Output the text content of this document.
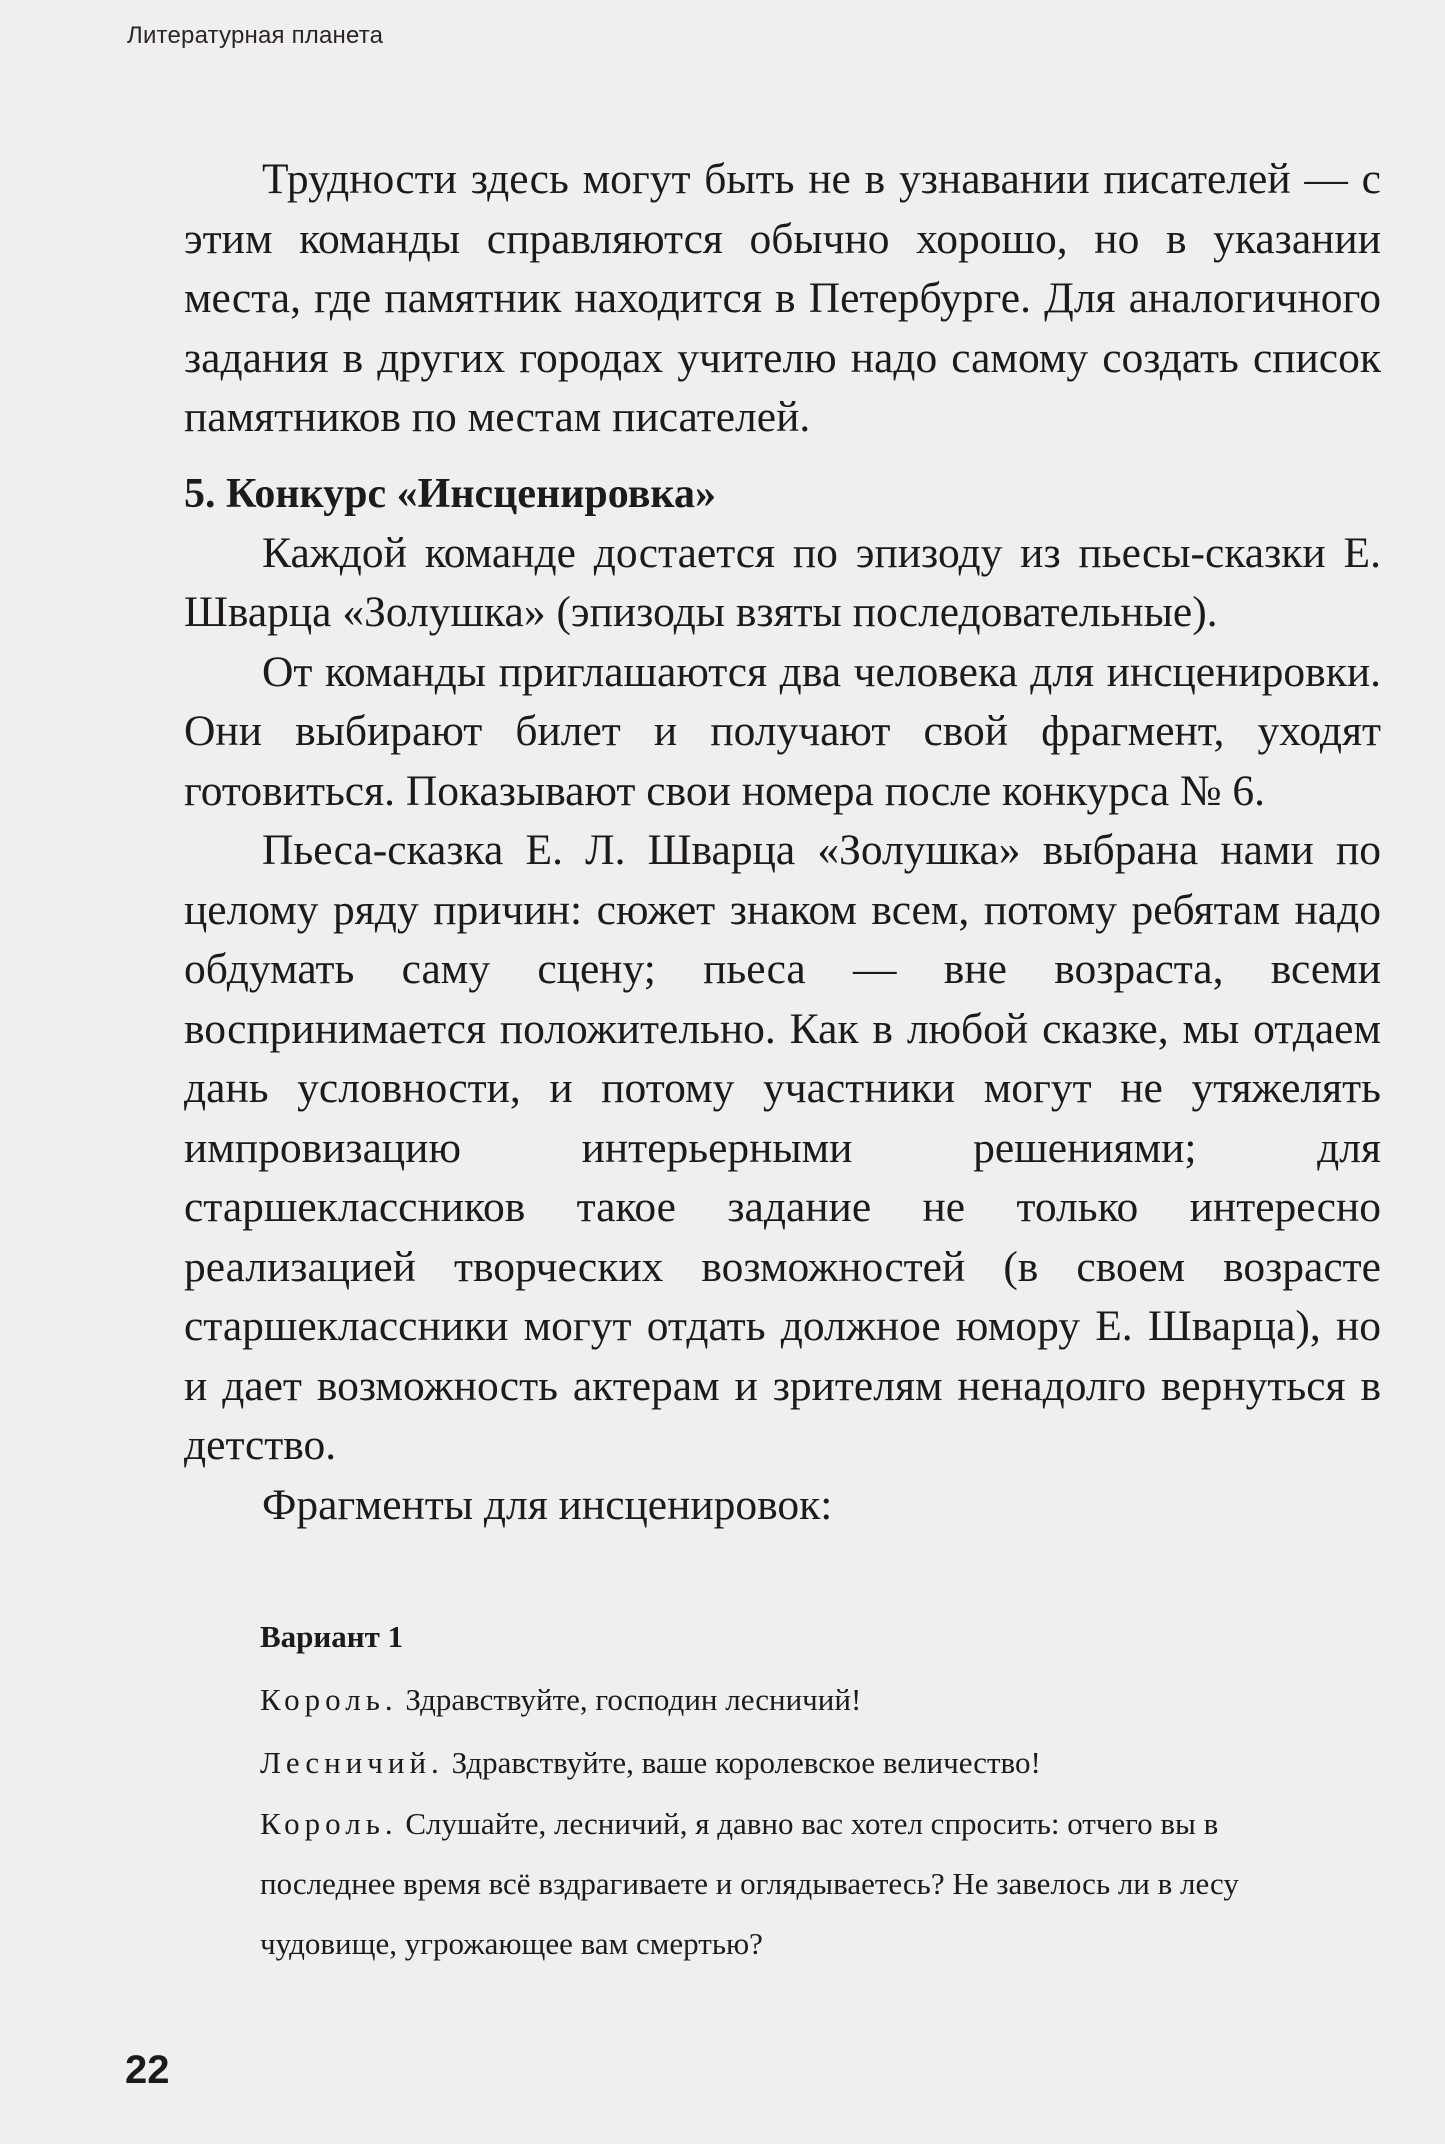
Литературная планета

Трудности здесь могут быть не в узнавании писателей — с этим команды справляются обычно хорошо, но в указании места, где памятник находится в Петербурге. Для аналогичного задания в других городах учителю надо самому создать список памятников по местам писателей.

5. Конкурс «Инсценировка»

Каждой команде достается по эпизоду из пьесы-сказки Е. Шварца «Золушка» (эпизоды взяты последовательные).

От команды приглашаются два человека для инсценировки. Они выбирают билет и получают свой фрагмент, уходят готовиться. Показывают свои номера после конкурса № 6.

Пьеса-сказка Е. Л. Шварца «Золушка» выбрана нами по целому ряду причин: сюжет знаком всем, потому ребятам надо обдумать саму сцену; пьеса — вне возраста, всеми воспринимается положительно. Как в любой сказке, мы отдаем дань условности, и потому участники могут не утяжелять импровизацию интерьерными решениями; для старшеклассников такое задание не только интересно реализацией творческих возможностей (в своем возрасте старшеклассники могут отдать должное юмору Е. Шварца), но и дает возможность актерам и зрителям ненадолго вернуться в детство.

Фрагменты для инсценировок:

Вариант 1

Король. Здравствуйте, господин лесничий!

Лесничий. Здравствуйте, ваше королевское величество!

Король. Слушайте, лесничий, я давно вас хотел спросить: отчего вы в последнее время всё вздрагиваете и оглядываетесь? Не завелось ли в лесу чудовище, угрожающее вам смертью?

22
